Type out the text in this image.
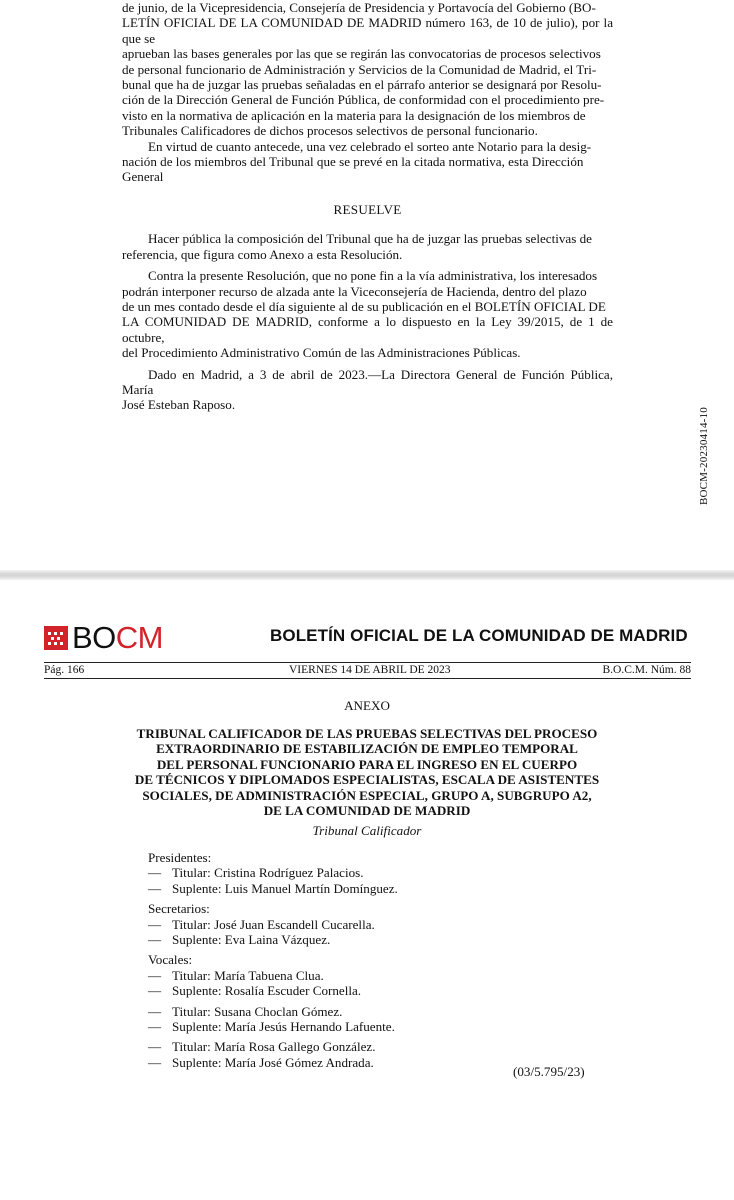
de junio, de la Vicepresidencia, Consejería de Presidencia y Portavocía del Gobierno (BO-

LETÍN OFICIAL DE LA COMUNIDAD DE MADRID número 163, de 10 de julio), por la que se

aprueban las bases generales por las que se regirán las convocatorias de procesos selectivos

de personal funcionario de Administración y Servicios de la Comunidad de Madrid, el Tri-

bunal que ha de juzgar las pruebas señaladas en el párrafo anterior se designará por Resolu-

ción de la Dirección General de Función Pública, de conformidad con el procedimiento pre-

visto en la normativa de aplicación en la materia para la designación de los miembros de

Tribunales Calificadores de dichos procesos selectivos de personal funcionario.

En virtud de cuanto antecede, una vez celebrado el sorteo ante Notario para la desig-

nación de los miembros del Tribunal que se prevé en la citada normativa, esta Dirección

General

RESUELVE

Hacer pública la composición del Tribunal que ha de juzgar las pruebas selectivas de

referencia, que figura como Anexo a esta Resolución.

Contra la presente Resolución, que no pone fin a la vía administrativa, los interesados

podrán interponer recurso de alzada ante la Viceconsejería de Hacienda, dentro del plazo

de un mes contado desde el día siguiente al de su publicación en el BOLETÍN OFICIAL DE

LA COMUNIDAD DE MADRID, conforme a lo dispuesto en la Ley 39/2015, de 1 de octubre,

del Procedimiento Administrativo Común de las Administraciones Públicas.

Dado en Madrid, a 3 de abril de 2023.—La Directora General de Función Pública, María

José Esteban Raposo.

BOCM-20230414-10
BOCM	BOLETÍN OFICIAL DE LA COMUNIDAD DE MADRID
Pág. 166	VIERNES 14 DE ABRIL DE 2023	B.O.C.M. Núm. 88
ANEXO
TRIBUNAL CALIFICADOR DE LAS PRUEBAS SELECTIVAS DEL PROCESO
EXTRAORDINARIO DE ESTABILIZACIÓN DE EMPLEO TEMPORAL
DEL PERSONAL FUNCIONARIO PARA EL INGRESO EN EL CUERPO
DE TÉCNICOS Y DIPLOMADOS ESPECIALISTAS, ESCALA DE ASISTENTES
SOCIALES, DE ADMINISTRACIÓN ESPECIAL, GRUPO A, SUBGRUPO A2,
DE LA COMUNIDAD DE MADRID
Tribunal Calificador
Presidentes:
— Titular: Cristina Rodríguez Palacios.
— Suplente: Luis Manuel Martín Domínguez.
Secretarios:
— Titular: José Juan Escandell Cucarella.
— Suplente: Eva Laina Vázquez.
Vocales:
— Titular: María Tabuena Clua.
— Suplente: Rosalía Escuder Cornella.
— Titular: Susana Choclan Gómez.
— Suplente: María Jesús Hernando Lafuente.
— Titular: María Rosa Gallego González.
— Suplente: María José Gómez Andrada.
(03/5.795/23)
